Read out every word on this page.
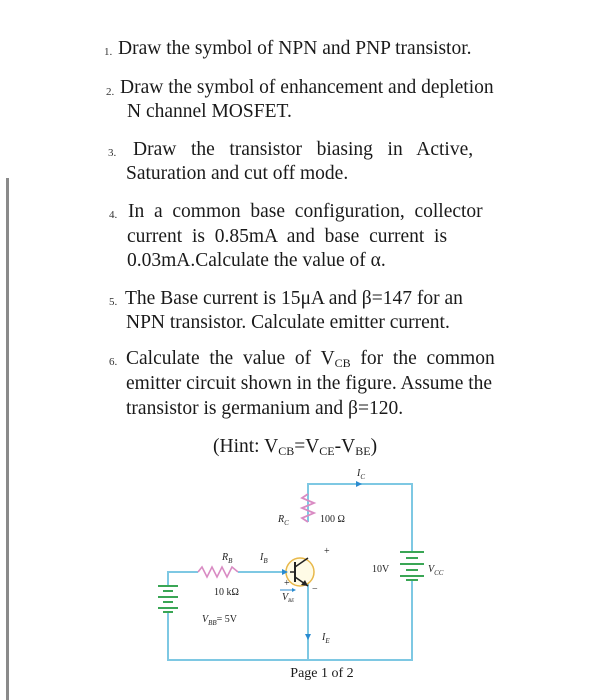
1. Draw the symbol of NPN and PNP transistor.
2. Draw the symbol of enhancement and depletion
N channel MOSFET.
3. Draw   the   transistor   biasing   in   Active,
Saturation and cut off mode.
4. In  a  common  base  configuration,  collector
current  is  0.85mA  and  base  current  is
0.03mA.Calculate the value of α.
5. The Base current is 15μA and β=147 for an
NPN transistor. Calculate emitter current.
6. Calculate  the  value  of  $V_{CB}$  for  the  common
emitter circuit shown in the figure. Assume the
transistor is germanium and β=120.
(Hint: $V_{CB}=V_{CE}-V_{BE}$)
$I_C$
$R_C$	100 Ω
+
$R_B$	$I_B$
10 kΩ
+
$V_{BE}$
−
$V_{BB}= 5V$
10V	$V_{CC}$
$I_E$
Page 1 of 2
